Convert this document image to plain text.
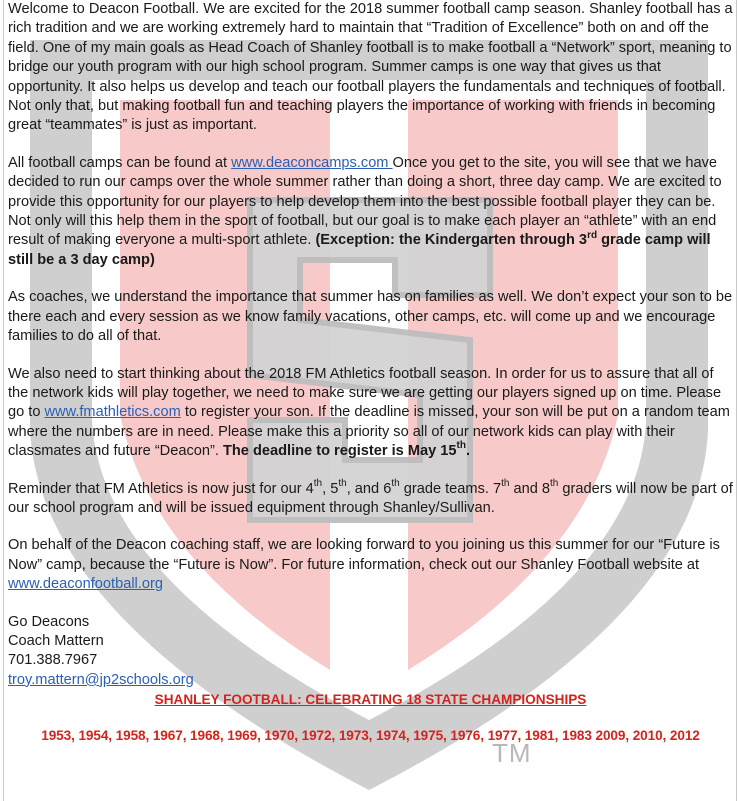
Welcome to Deacon Football. We are excited for the 2018 summer football camp season. Shanley football has a rich tradition and we are working extremely hard to maintain that “Tradition of Excellence” both on and off the field. One of my main goals as Head Coach of Shanley football is to make football a “Network” sport, meaning to bridge our youth program with our high school program. Summer camps is one way that gives us that opportunity. It also helps us develop and teach our football players the fundamentals and techniques of football. Not only that, but making football fun and teaching players the importance of working with friends in becoming great “teammates” is just as important.

All football camps can be found at www.deaconcamps.com Once you get to the site, you will see that we have decided to run our camps over the whole summer rather than doing a short, three day camp. We are excited to provide this opportunity for our players to help develop them into the best possible football player they can be. Not only will this help them in the sport of football, but our goal is to make each player an “athlete” with an end result of making everyone a multi-sport athlete. (Exception: the Kindergarten through 3rd grade camp will still be a 3 day camp)

As coaches, we understand the importance that summer has on families as well. We don’t expect your son to be there each and every session as we know family vacations, other camps, etc. will come up and we encourage families to do all of that.

We also need to start thinking about the 2018 FM Athletics football season. In order for us to assure that all of the network kids will play together, we need to make sure we are getting our players signed up on time. Please go to www.fmathletics.com to register your son. If the deadline is missed, your son will be put on a random team where the numbers are in need. Please make this a priority so all of our network kids can play with their classmates and future “Deacon”. The deadline to register is May 15th.

Reminder that FM Athletics is now just for our 4th, 5th, and 6th grade teams. 7th and 8th graders will now be part of our school program and will be issued equipment through Shanley/Sullivan.

On behalf of the Deacon coaching staff, we are looking forward to you joining us this summer for our “Future is Now” camp, because the “Future is Now”. For future information, check out our Shanley Football website at www.deaconfootball.org

Go Deacons

Coach Mattern

701.388.7967

troy.mattern@jp2schools.org

SHANLEY FOOTBALL: CELEBRATING 18 STATE CHAMPIONSHIPS

1953, 1954, 1958, 1967, 1968, 1969, 1970, 1972, 1973, 1974, 1975, 1976, 1977, 1981, 1983 2009, 2010, 2012

TM
